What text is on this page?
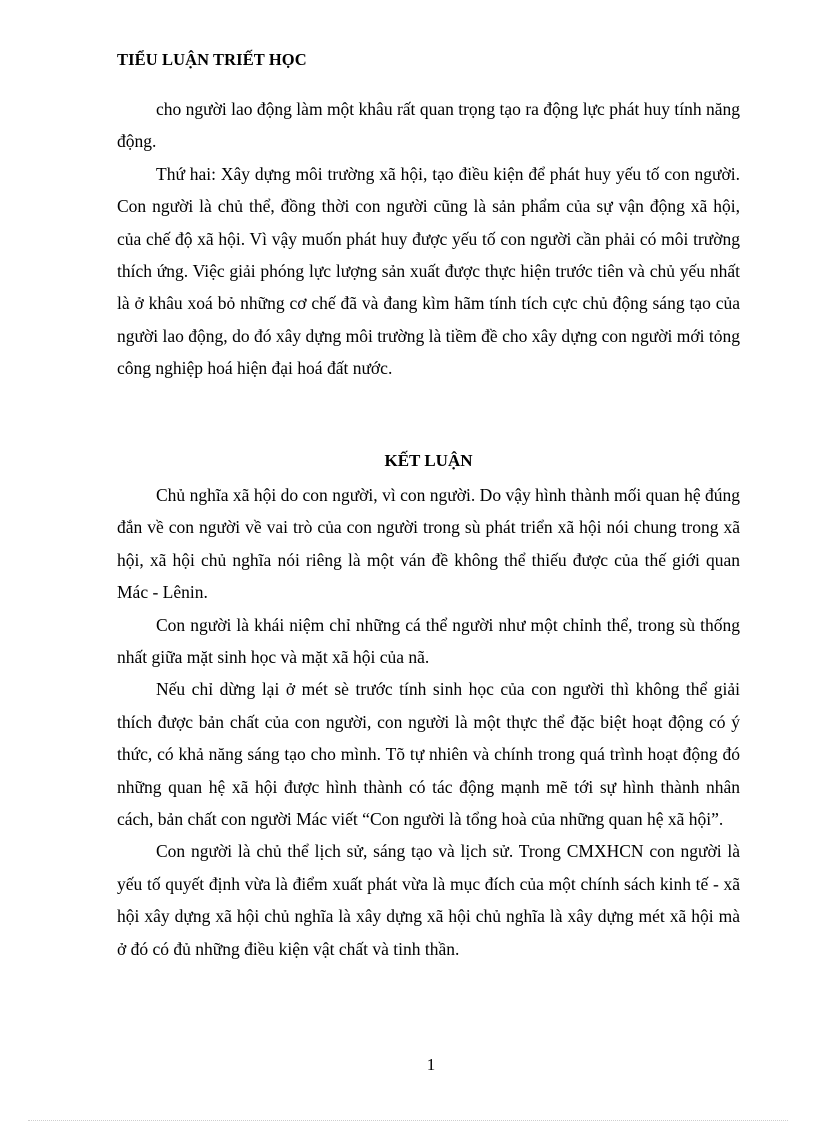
TIỂU LUẬN TRIẾT HỌC

cho người lao động làm một khâu rất quan trọng tạo ra động lực phát huy tính năng động.

Thứ hai: Xây dựng môi trường xã hội, tạo điều kiện để phát huy yếu tố con người. Con người là chủ thể, đồng thời con người cũng là sản phẩm của sự vận động xã hội, của chế độ xã hội. Vì vậy muốn phát huy được yếu tố con người cần phải có môi trường thích ứng. Việc giải phóng lực lượng sản xuất được thực hiện trước tiên và chủ yếu nhất là ở khâu xoá bỏ những cơ chế đã và đang kìm hãm tính tích cực chủ động sáng tạo của người lao động, do đó xây dựng môi trường là tiềm đề cho xây dựng con người mới tỏng công nghiệp hoá hiện đại hoá đất nước.

KẾT LUẬN

Chủ nghĩa xã hội do con người, vì con người. Do vậy hình thành mối quan hệ đúng đắn về con người về vai trò của con người trong sù phát triển xã hội nói chung trong xã hội, xã hội chủ nghĩa nói riêng là một ván đề không thể thiếu được của thế giới quan Mác - Lênin.

Con người là khái niệm chỉ những cá thể người như một chỉnh thể, trong sù thống nhất giữa mặt sinh học và mặt xã hội của nã.

Nếu chỉ dừng lại ở mét sè trước tính sinh học của con người thì không thể giải thích được bản chất của con người, con người là một thực thể đặc biệt hoạt động có ý thức, có khả năng sáng tạo cho mình. Tõ tự nhiên và chính trong quá trình hoạt động đó những quan hệ xã hội được hình thành có tác động mạnh mẽ tới sự hình thành nhân cách, bản chất con người Mác viết “Con người là tổng hoà của những quan hệ xã hội”.

Con người là chủ thể lịch sử, sáng tạo và lịch sử. Trong CMXHCN con người là yếu tố quyết định vừa là điểm xuất phát vừa là mục đích của một chính sách kinh tế - xã hội xây dựng xã hội chủ nghĩa là xây dựng xã hội chủ nghĩa là xây dựng mét xã hội mà ở đó có đủ những điều kiện vật chất và tinh thần.

1
